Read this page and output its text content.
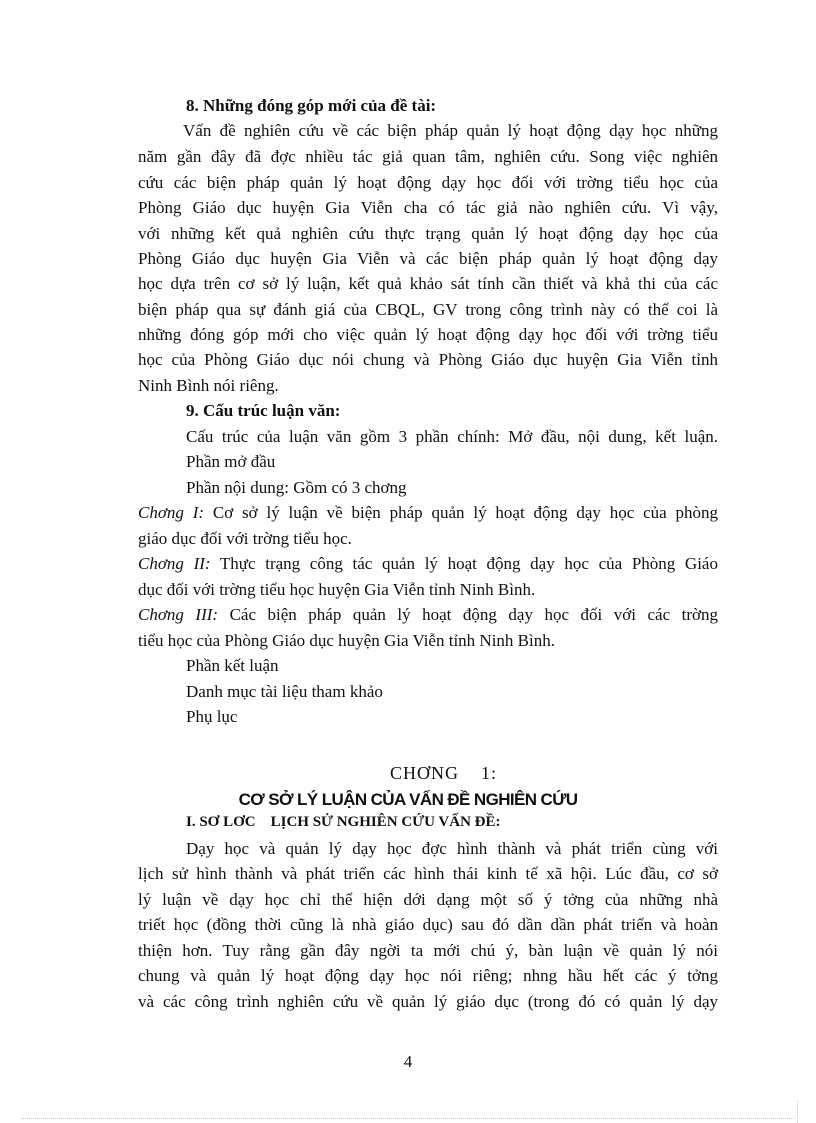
8. Những đóng góp mới của đề tài:
Vấn đề nghiên cứu về các biện pháp quản lý hoạt động dạy học những
năm gần đây đã đợc nhiều tác giả quan tâm, nghiên cứu. Song việc nghiên
cứu các biện pháp quản lý hoạt động dạy học đối với trờng tiểu học của
Phòng Giáo dục huyện Gia Viễn cha có tác giả nào nghiên cứu. Vì vậy,
với những kết quả nghiên cứu thực trạng quản lý hoạt động dạy học của
Phòng Giáo dục huyện Gia Viễn và các biện pháp quản lý hoạt động dạy
học dựa trên cơ sở lý luận, kết quả khảo sát tính cần thiết và khả thi của các
biện pháp qua sự đánh giá của CBQL, GV trong công trình này có thể coi là
những đóng góp mới cho việc quản lý hoạt động dạy học đối với trờng tiểu
học của Phòng Giáo dục nói chung và Phòng Giáo dục huyện Gia Viễn tỉnh
Ninh Bình nói riêng.
9. Cấu trúc luận văn:
Cấu trúc của luận văn gồm 3 phần chính: Mở đầu, nội dung, kết luận.
Phần mở đầu
Phần nội dung: Gồm có 3 chơng
Chơng I: Cơ sở lý luận về biện pháp quản lý hoạt động dạy học của phòng
giáo dục đối với trờng tiểu học.
Chơng II: Thực trạng công tác quản lý hoạt động dạy học của Phòng Giáo
dục đối với trờng tiểu học huyện Gia Viễn tỉnh Ninh Bình.
Chơng III: Các biện pháp quản lý hoạt động dạy học đối với các trờng
tiểu học của Phòng Giáo dục huyện Gia Viễn tỉnh Ninh Bình.
Phần kết luận
Danh mục tài liệu tham khảo
Phụ lục
CHƠNG    1:
CƠ SỞ LÝ LUẬN CỦA VẤN ĐỀ NGHIÊN CỨU
I. SƠ LƠC    LỊCH SỬ NGHIÊN CỨU VẤN ĐỀ:
Dạy học và quản lý dạy học đợc hình thành và phát triển cùng với
lịch sử hình thành và phát triển các hình thái kinh tế xã hội. Lúc đầu, cơ sở
lý luận về dạy học chỉ thể hiện dới dạng một số ý tởng của những nhà
triết học (đồng thời cũng là nhà giáo dục) sau đó dần dần phát triển và hoàn
thiện hơn. Tuy rằng gần đây ngời ta mới chú ý, bàn luận về quản lý nói
chung và quản lý hoạt động dạy học nói riêng; nhng hầu hết các ý tởng
và các công trình nghiên cứu về quản lý giáo dục (trong đó có quản lý dạy
4
